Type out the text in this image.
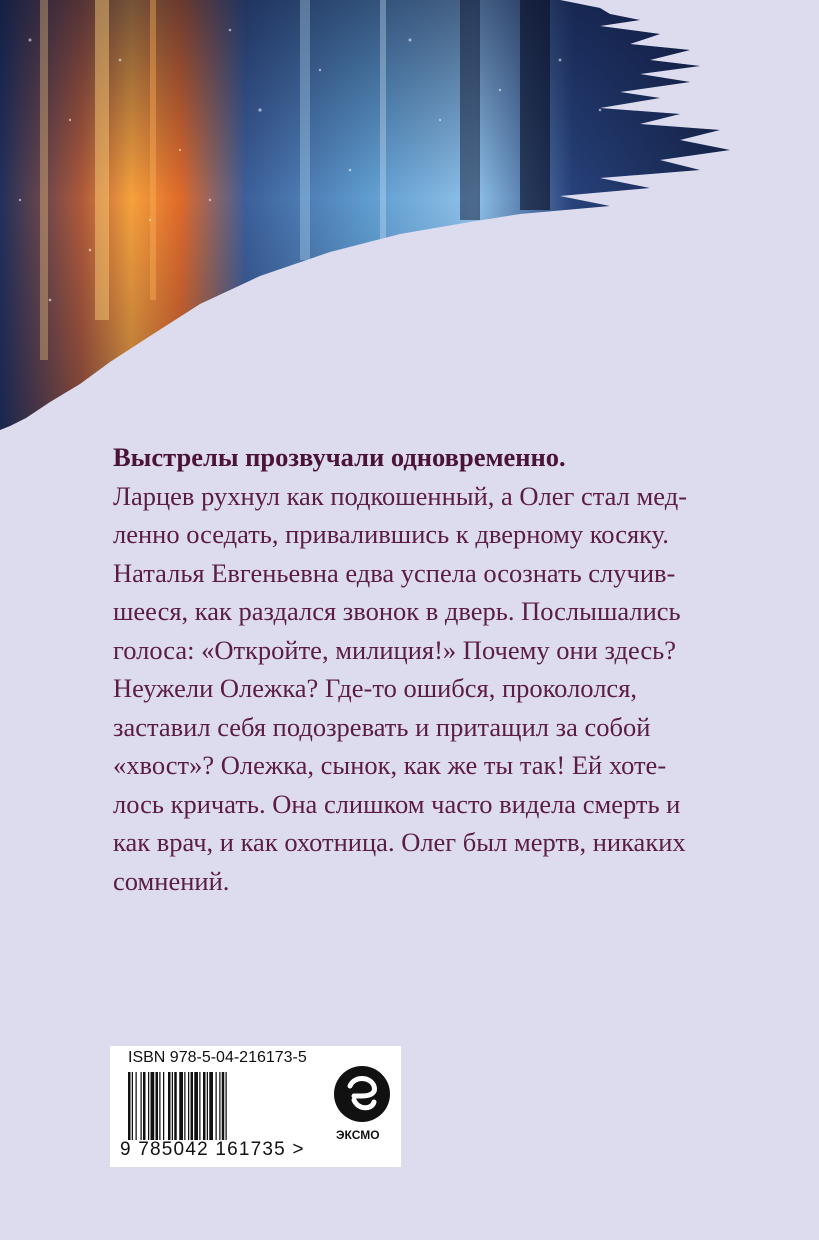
Выстрелы прозвучали одновременно.
Ларцев рухнул как подкошенный, а Олег стал мед-
ленно оседать, привалившись к дверному косяку.
Наталья Евгеньевна едва успела осознать случив-
шееся, как раздался звонок в дверь. Послышались
голоса: «Откройте, милиция!» Почему они здесь?
Неужели Олежка? Где-то ошибся, прокололся,
заставил себя подозревать и притащил за собой
«хвост»? Олежка, сынок, как же ты так! Ей хоте-
лось кричать. Она слишком часто видела смерть и
как врач, и как охотница. Олег был мертв, никаких
сомнений.
ISBN 978-5-04-216173-5
9 785042 161735 >
ЭКСМО
